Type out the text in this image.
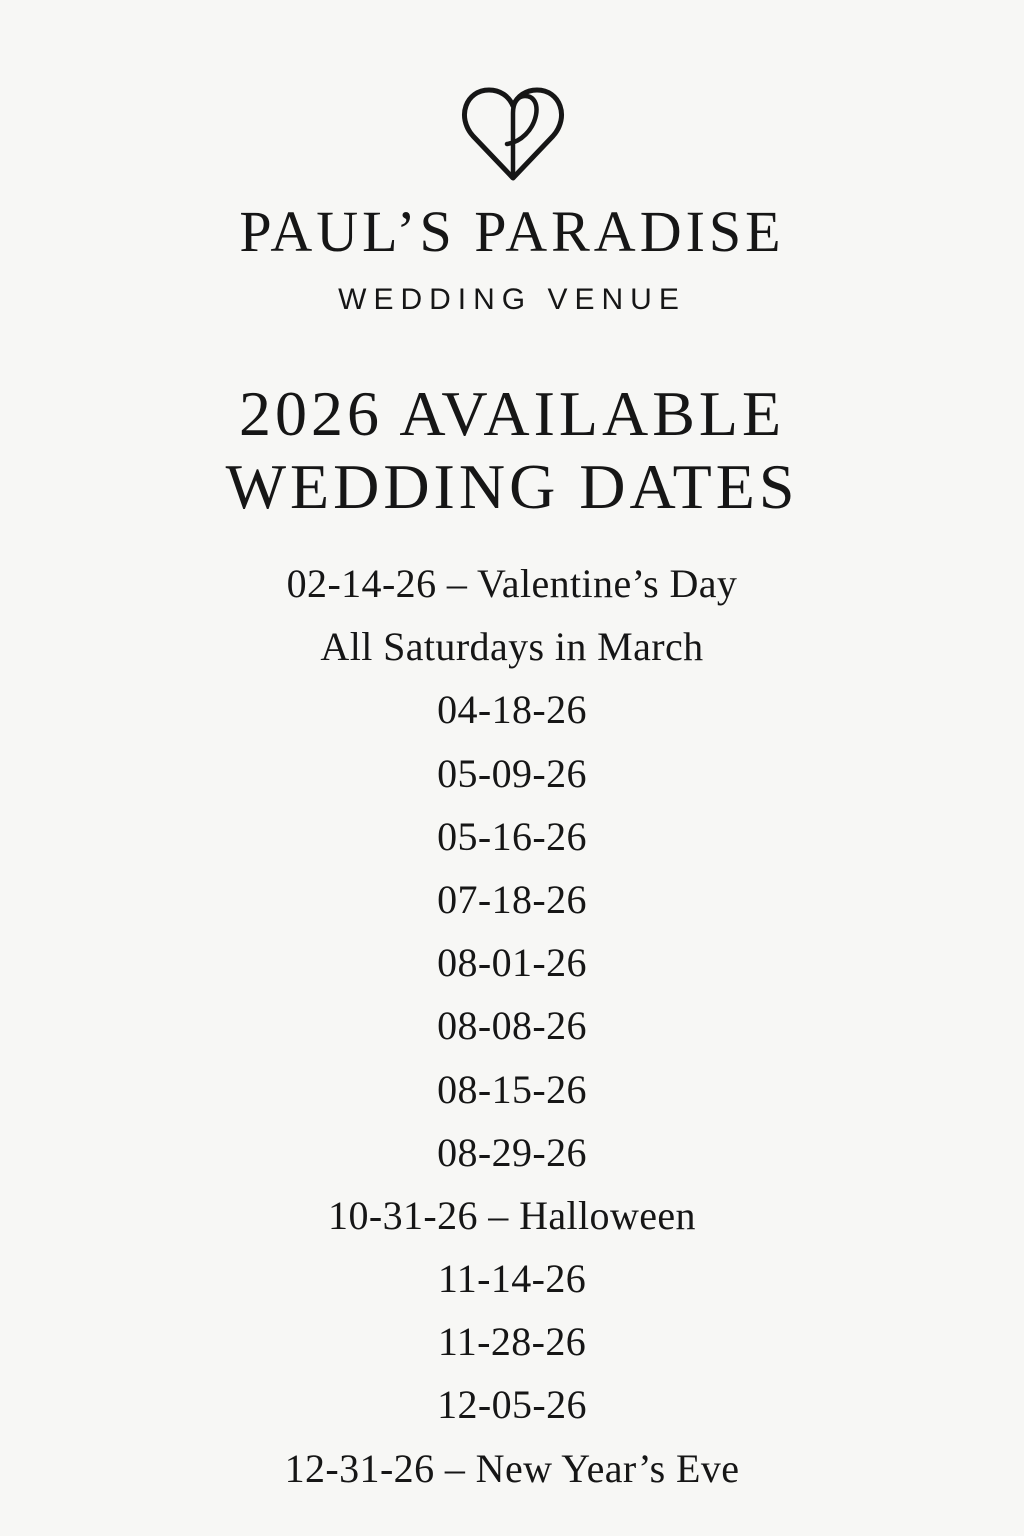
PAUL’S PARADISE
WEDDING VENUE
2026 AVAILABLE
WEDDING DATES
02-14-26 – Valentine’s Day
All Saturdays in March
04-18-26
05-09-26
05-16-26
07-18-26
08-01-26
08-08-26
08-15-26
08-29-26
10-31-26 – Halloween
11-14-26
11-28-26
12-05-26
12-31-26 – New Year’s Eve
